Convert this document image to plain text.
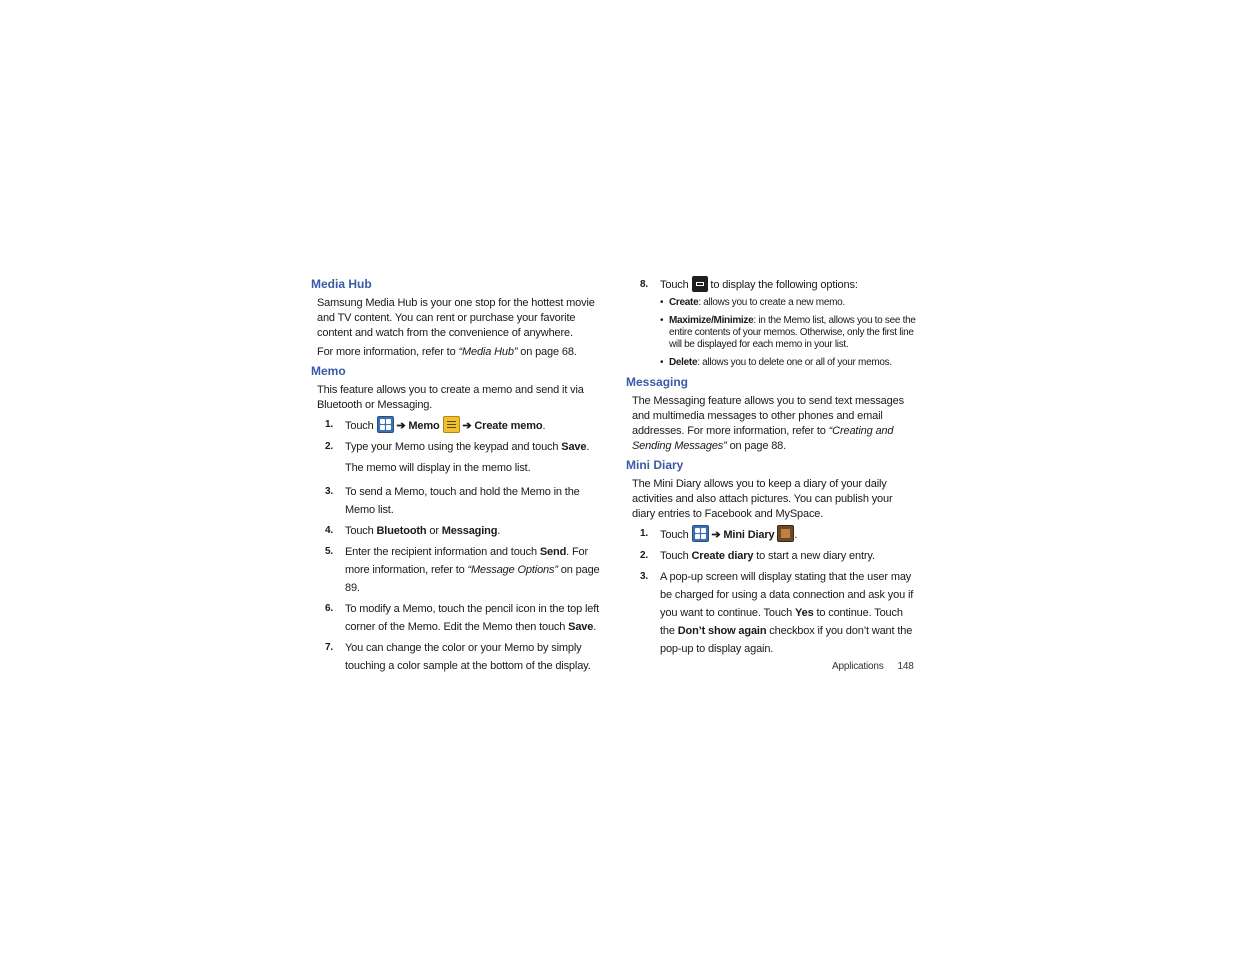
Media Hub

Samsung Media Hub is your one stop for the hottest movie and TV content. You can rent or purchase your favorite content and watch from the convenience of anywhere.

For more information, refer to “Media Hub” on page 68.

Memo

This feature allows you to create a memo and send it via Bluetooth or Messaging.

1. Touch ➔ Memo ➔ Create memo.
2. Type your Memo using the keypad and touch Save.
The memo will display in the memo list.
3. To send a Memo, touch and hold the Memo in the Memo list.
4. Touch Bluetooth or Messaging.
5. Enter the recipient information and touch Send. For more information, refer to “Message Options” on page 89.
6. To modify a Memo, touch the pencil icon in the top left corner of the Memo. Edit the Memo then touch Save.
7. You can change the color or your Memo by simply touching a color sample at the bottom of the display.
8. Touch
to display the following options:
• Create: allows you to create a new memo.
• Maximize/Minimize: in the Memo list, allows you to see the entire contents of your memos. Otherwise, only the first line will be displayed for each memo in your list.
• Delete: allows you to delete one or all of your memos.
Messaging

The Messaging feature allows you to send text messages and multimedia messages to other phones and email addresses. For more information, refer to “Creating and Sending Messages” on page 88.

Mini Diary

The Mini Diary allows you to keep a diary of your daily activities and also attach pictures. You can publish your diary entries to Facebook and MySpace.

1. Touch ➔ Mini Diary .
2. Touch Create diary to start a new diary entry.
3. A pop-up screen will display stating that the user may be charged for using a data connection and ask you if you want to continue. Touch Yes to continue. Touch the Don’t show again checkbox if you don’t want the pop-up to display again.
Applications 148
